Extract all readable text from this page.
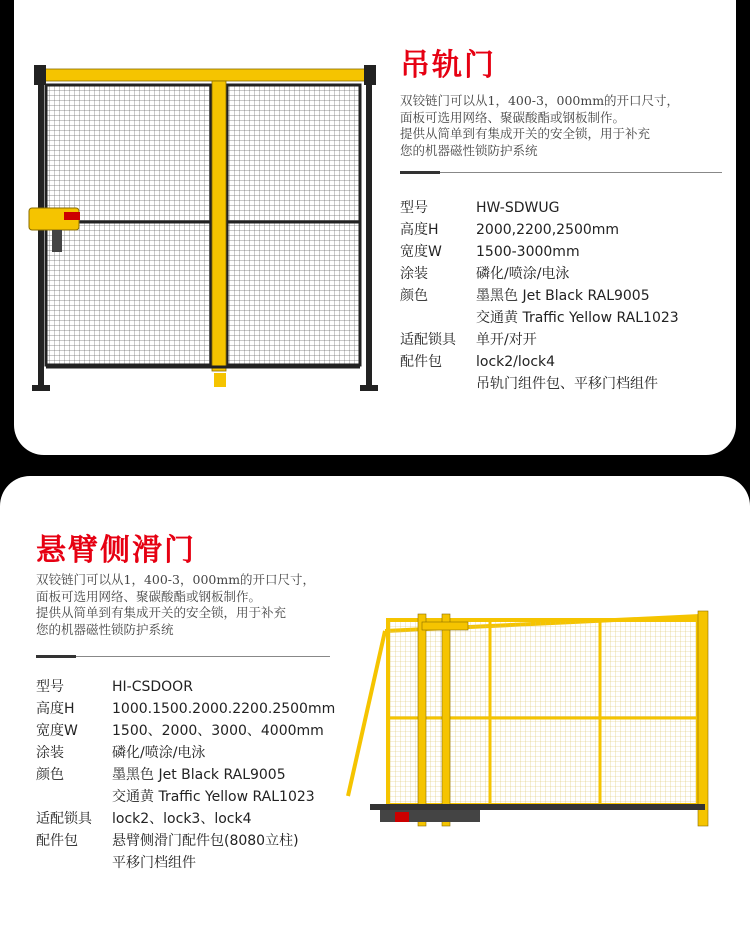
吊轨门
双铰链门可以从1，400-3，000mm的开口尺寸，
面板可选用网络、聚碳酸酯或钢板制作。
提供从简单到有集成开关的安全锁，用于补充
您的机器磁性锁防护系统
型号	HW-SDWUG
高度H	2000,2200,2500mm
宽度W	1500-3000mm
涂装	磷化/喷涂/电泳
颜色	墨黑色 Jet Black RAL9005
交通黄 Traffic Yellow RAL1023
适配锁具	单开/对开
配件包	lock2/lock4
吊轨门组件包、平移门档组件
悬臂侧滑门
双铰链门可以从1，400-3，000mm的开口尺寸，
面板可选用网络、聚碳酸酯或钢板制作。
提供从简单到有集成开关的安全锁，用于补充
您的机器磁性锁防护系统
型号	HI-CSDOOR
高度H	1000.1500.2000.2200.2500mm
宽度W	1500、2000、3000、4000mm
涂装	磷化/喷涂/电泳
颜色	墨黑色 Jet Black RAL9005
交通黄 Traffic Yellow RAL1023
适配锁具	lock2、lock3、lock4
配件包	悬臂侧滑门配件包(8080立柱)
平移门档组件
